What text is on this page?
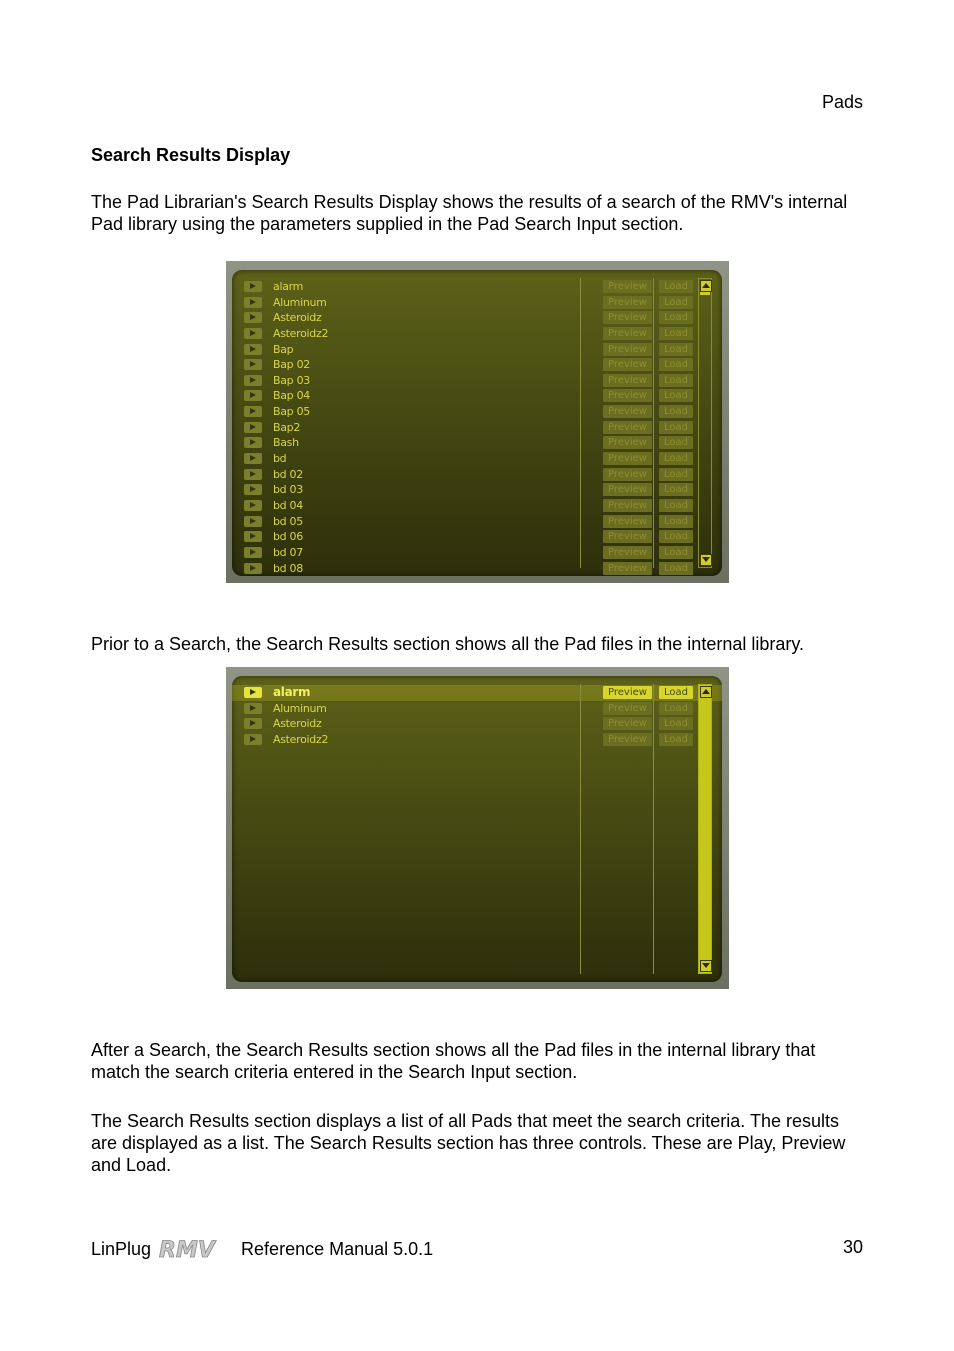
Pads
Search Results Display
The Pad Librarian's Search Results Display shows the results of a search of the RMV's internal Pad library using the parameters supplied in the Pad Search Input section.
alarm	Preview	Load
Aluminum	Preview	Load
Asteroidz	Preview	Load
Asteroidz2	Preview	Load
Bap	Preview	Load
Bap 02	Preview	Load
Bap 03	Preview	Load
Bap 04	Preview	Load
Bap 05	Preview	Load
Bap2	Preview	Load
Bash	Preview	Load
bd	Preview	Load
bd 02	Preview	Load
bd 03	Preview	Load
bd 04	Preview	Load
bd 05	Preview	Load
bd 06	Preview	Load
bd 07	Preview	Load
bd 08	Preview	Load
Prior to a Search, the Search Results section shows all the Pad files in the internal library.
alarm	Preview	Load
Aluminum	Preview	Load
Asteroidz	Preview	Load
Asteroidz2	Preview	Load
After a Search, the Search Results section shows all the Pad files in the internal library that match the search criteria entered in the Search Input section.
The Search Results section displays a list of all Pads that meet the search criteria. The results are displayed as a list. The Search Results section has three controls. These are Play, Preview and Load.
LinPlug RMV Reference Manual 5.0.1	30
